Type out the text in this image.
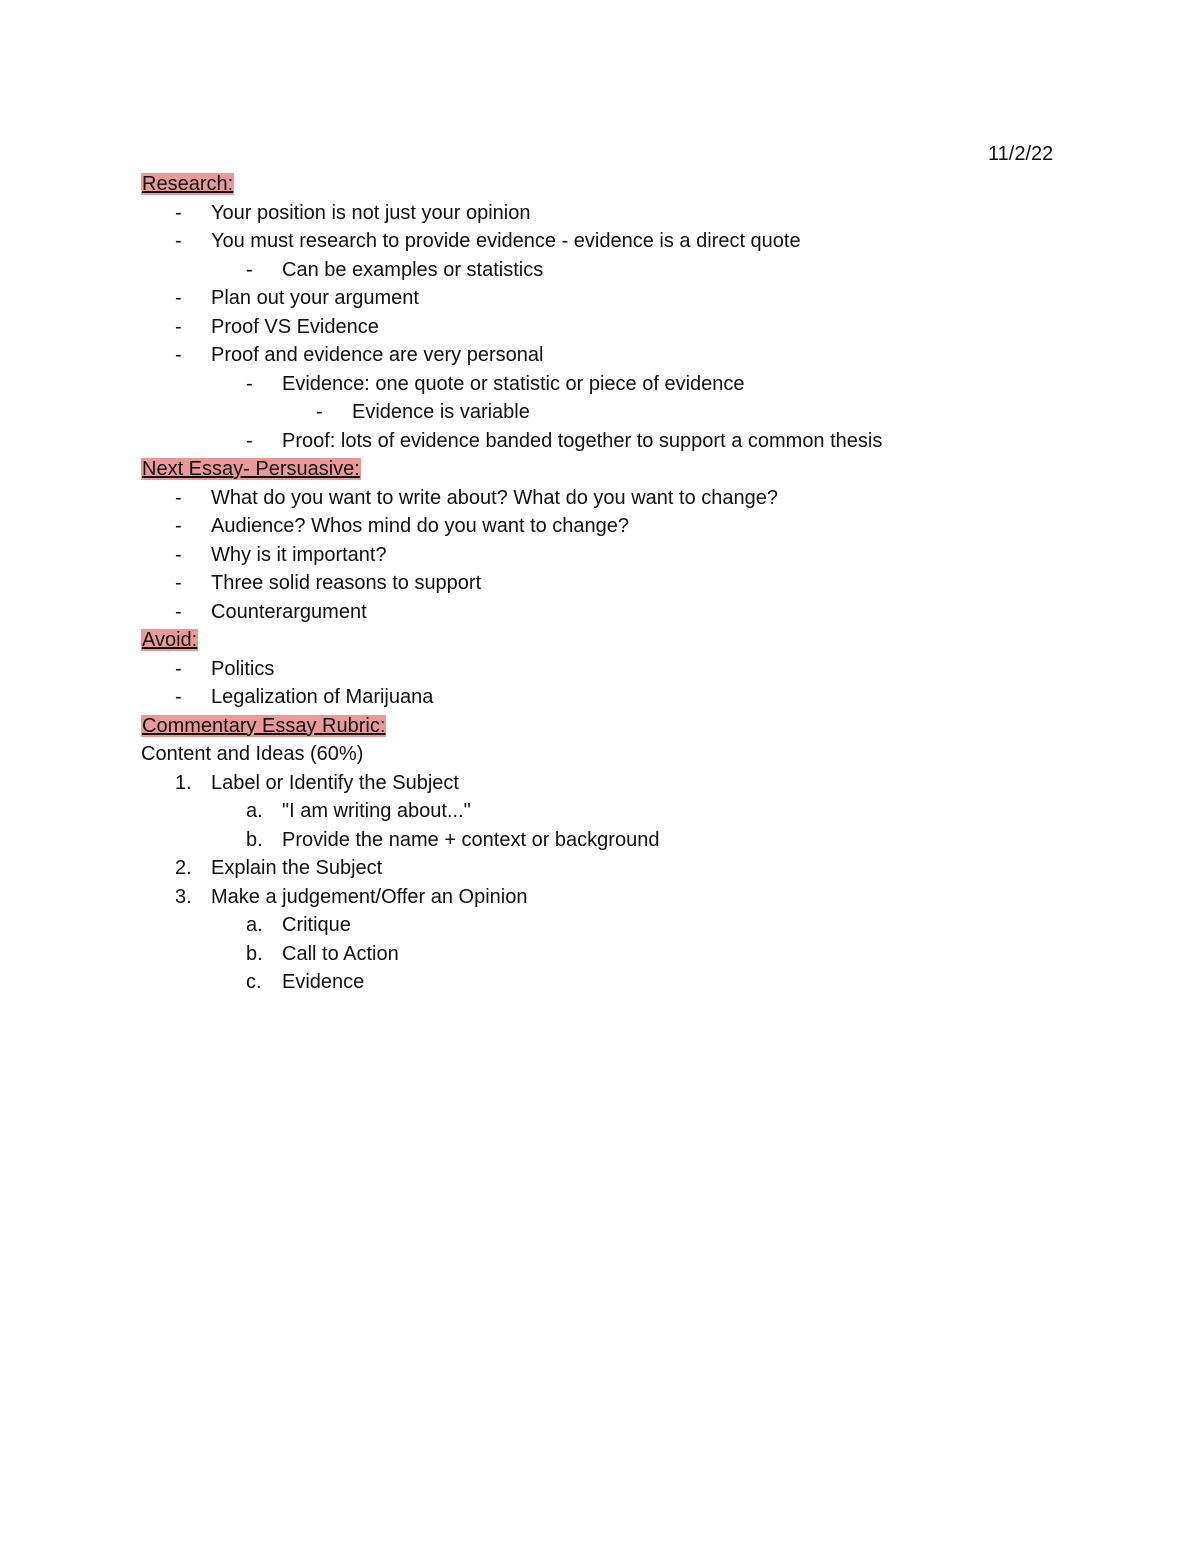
11/2/22
Research:
- Your position is not just your opinion
- You must research to provide evidence - evidence is a direct quote
- Can be examples or statistics
- Plan out your argument
- Proof VS Evidence
- Proof and evidence are very personal
- Evidence: one quote or statistic or piece of evidence
- Evidence is variable
- Proof: lots of evidence banded together to support a common thesis
Next Essay- Persuasive:
- What do you want to write about? What do you want to change?
- Audience? Whos mind do you want to change?
- Why is it important?
- Three solid reasons to support
- Counterargument
Avoid:
- Politics
- Legalization of Marijuana
Commentary Essay Rubric:
Content and Ideas (60%)
1. Label or Identify the Subject
a. "I am writing about..."
b. Provide the name + context or background
2. Explain the Subject
3. Make a judgement/Offer an Opinion
a. Critique
b. Call to Action
c. Evidence
